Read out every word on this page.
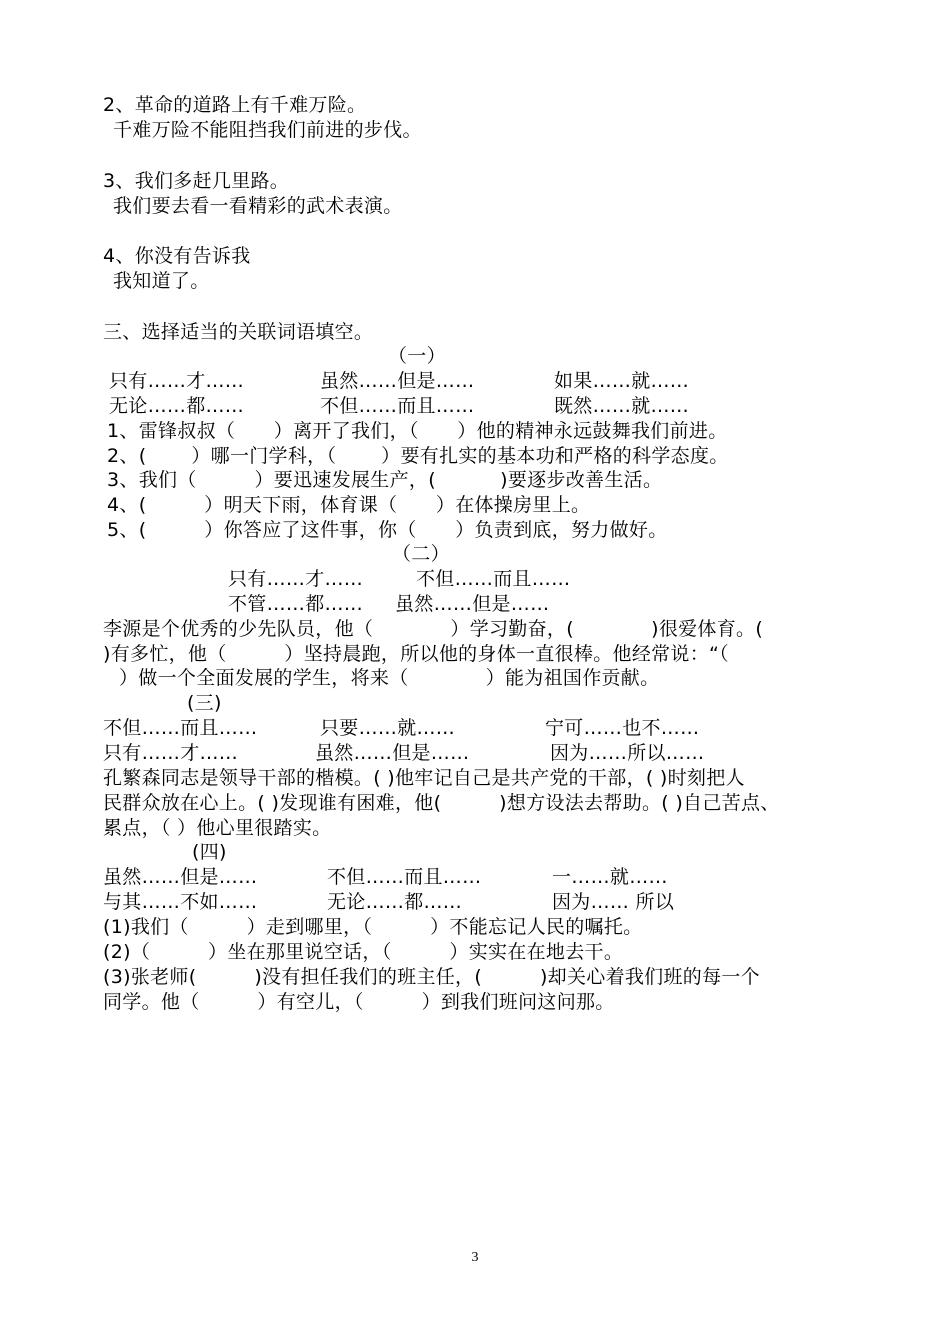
2、革命的道路上有千难万险。
千难万险不能阻挡我们前进的步伐。
3、我们多赶几里路。
我们要去看一看精彩的武术表演。
4、你没有告诉我
我知道了。
三、选择适当的关联词语填空。
（一）
只有……才……	虽然……但是……	如果……就……
无论……都……	不但……而且……	既然……就……
1、雷锋叔叔（　　）离开了我们，（　　）他的精神永远鼓舞我们前进。
2、(　　 ）哪一门学科，（　　 ）要有扎实的基本功和严格的科学态度。
3、我们（　　　）要迅速发展生产，(　　　 )要逐步改善生活。
4、(　　　）明天下雨，体育课（　　）在体操房里上。
5、(　　　）你答应了这件事，你（　　）负责到底，努力做好。
（二）
只有……才……	不但……而且……
不管……都…… 虽然……但是……
李源是个优秀的少先队员，他（　　　　）学习勤奋，(　　　　)很爱体育。(
)有多忙，他（　　　）坚持晨跑，所以他的身体一直很棒。他经常说：“（
）做一个全面发展的学生，将来（　　　　）能为祖国作贡献。
(三)
不但……而且……	只要……就……	宁可……也不……
只有……才……	虽然……但是……	因为……所以……
孔繁森同志是领导干部的楷模。( )他牢记自己是共产党的干部，( )时刻把人
民群众放在心上。( )发现谁有困难，他(　　　)想方设法去帮助。( )自己苦点、
累点，（ ）他心里很踏实。
(四)
虽然……但是……	不但……而且……	一……就……
与其……不如……	无论……都……	因为…… 所以
(1)我们（　　　）走到哪里，（　　　）不能忘记人民的嘱托。
(2)（　　　）坐在那里说空话，（　　　）实实在在地去干。
(3)张老师(　　　)没有担任我们的班主任，(　　　)却关心着我们班的每一个
同学。他（　　　）有空儿，（　　　）到我们班问这问那。
3
